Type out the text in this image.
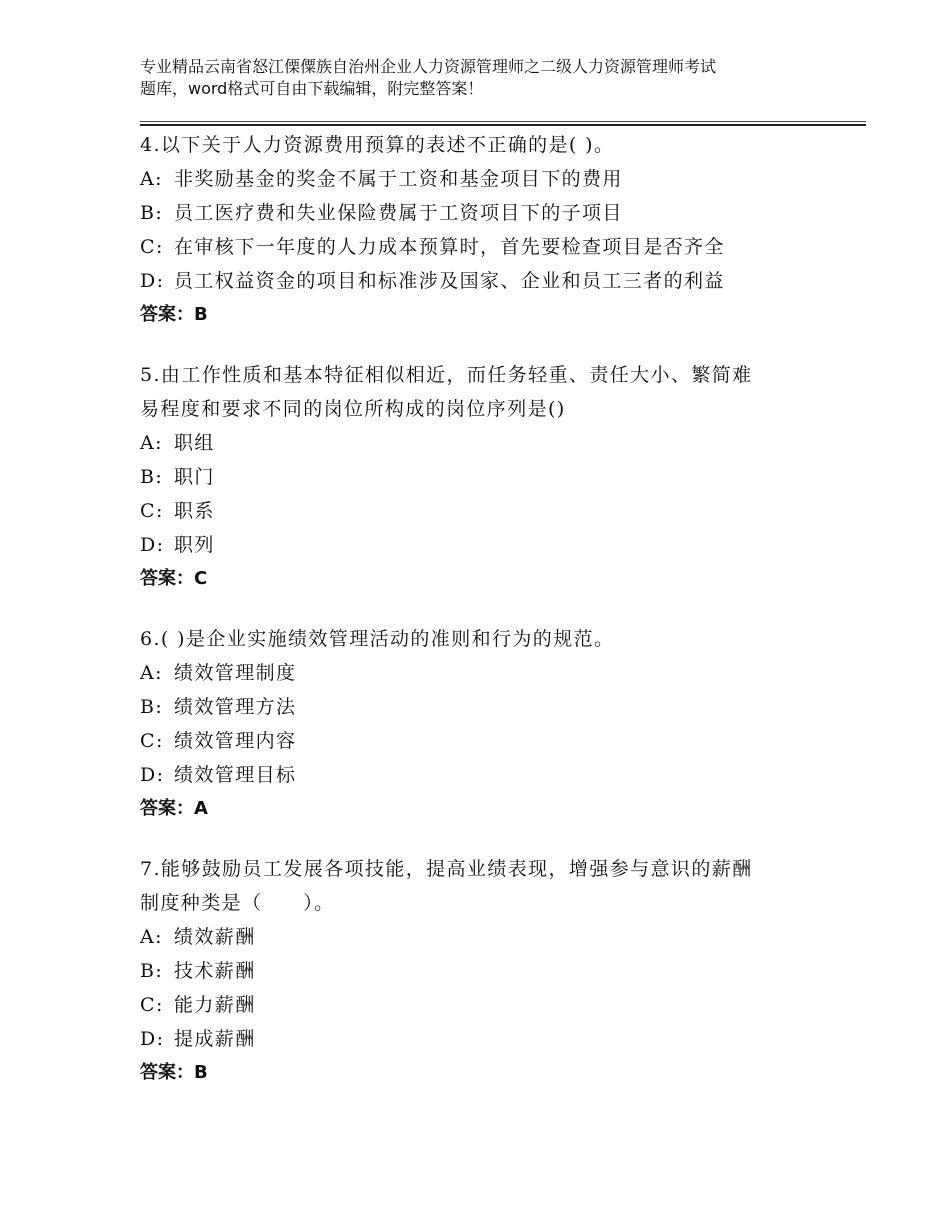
专业精品云南省怒江傈僳族自治州企业人力资源管理师之二级人力资源管理师考试
题库，word格式可自由下载编辑，附完整答案！

4.以下关于人力资源费用预算的表述不正确的是( )。

A: 非奖励基金的奖金不属于工资和基金项目下的费用

B: 员工医疗费和失业保险费属于工资项目下的子项目

C: 在审核下一年度的人力成本预算时，首先要检查项目是否齐全

D: 员工权益资金的项目和标准涉及国家、企业和员工三者的利益

答案：B

5.由工作性质和基本特征相似相近，而任务轻重、责任大小、繁简难

易程度和要求不同的岗位所构成的岗位序列是()

A: 职组

B: 职门

C: 职系

D: 职列

答案：C

6.( )是企业实施绩效管理活动的准则和行为的规范。

A: 绩效管理制度

B: 绩效管理方法

C: 绩效管理内容

D: 绩效管理目标

答案：A

7.能够鼓励员工发展各项技能，提高业绩表现，增强参与意识的薪酬

制度种类是（　　）。

A: 绩效薪酬

B: 技术薪酬

C: 能力薪酬

D: 提成薪酬

答案：B
